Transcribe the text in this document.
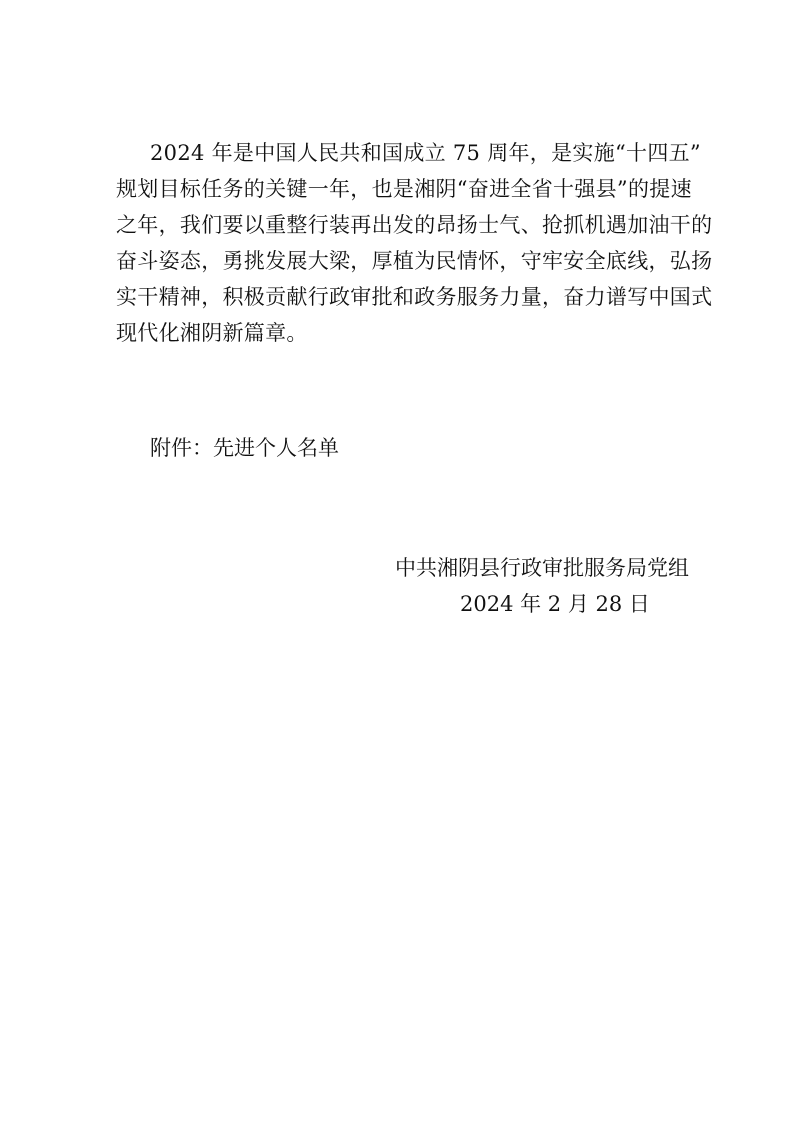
2024 年是中国人民共和国成立 75 周年，是实施“十四五”
规划目标任务的关键一年，也是湘阴“奋进全省十强县”的提速
之年，我们要以重整行装再出发的昂扬士气、抢抓机遇加油干的
奋斗姿态，勇挑发展大梁，厚植为民情怀，守牢安全底线，弘扬
实干精神，积极贡献行政审批和政务服务力量，奋力谱写中国式
现代化湘阴新篇章。

附件：先进个人名单

中共湘阴县行政审批服务局党组
2024 年 2 月 28 日
